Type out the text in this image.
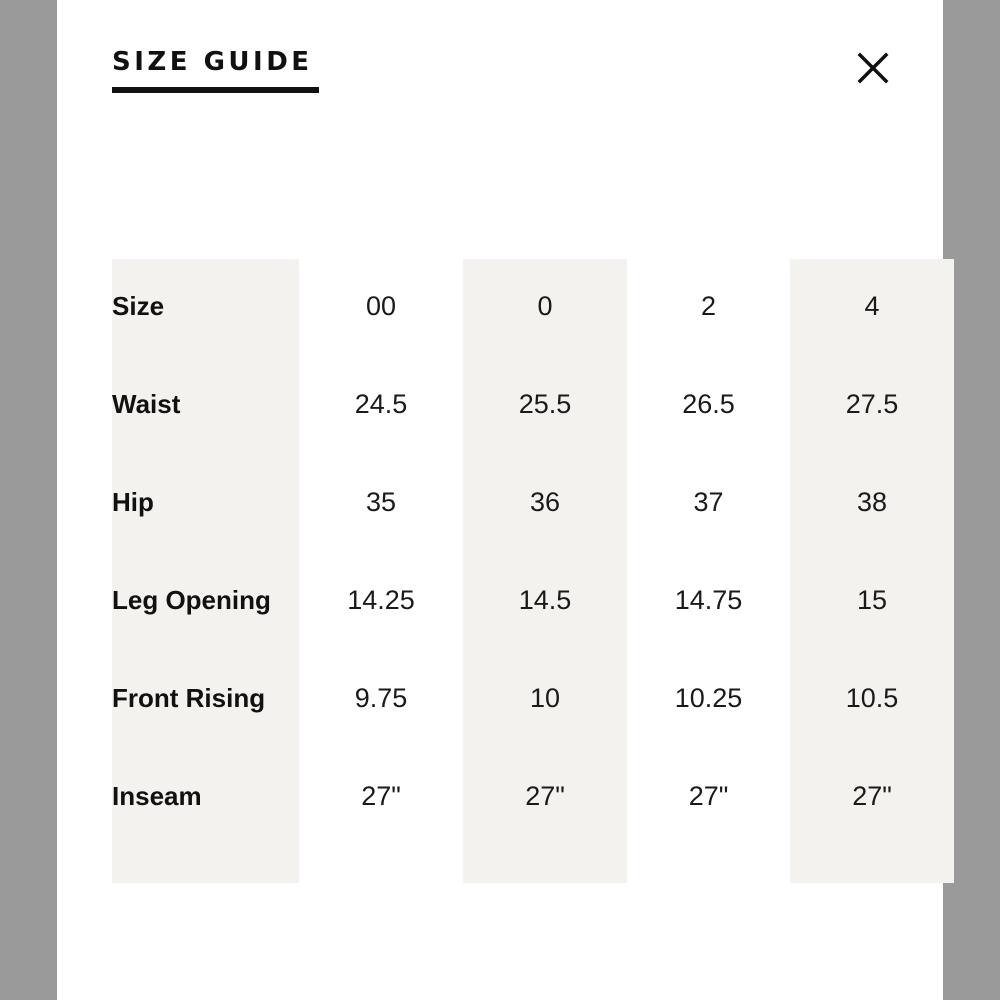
SIZE GUIDE
Size
Waist
Hip
Leg Opening
Front Rising
Inseam
00
24.5
35
14.25
9.75
27"
0
25.5
36
14.5
10
27"
2
26.5
37
14.75
10.25
27"
4
27.5
38
15
10.5
27"
